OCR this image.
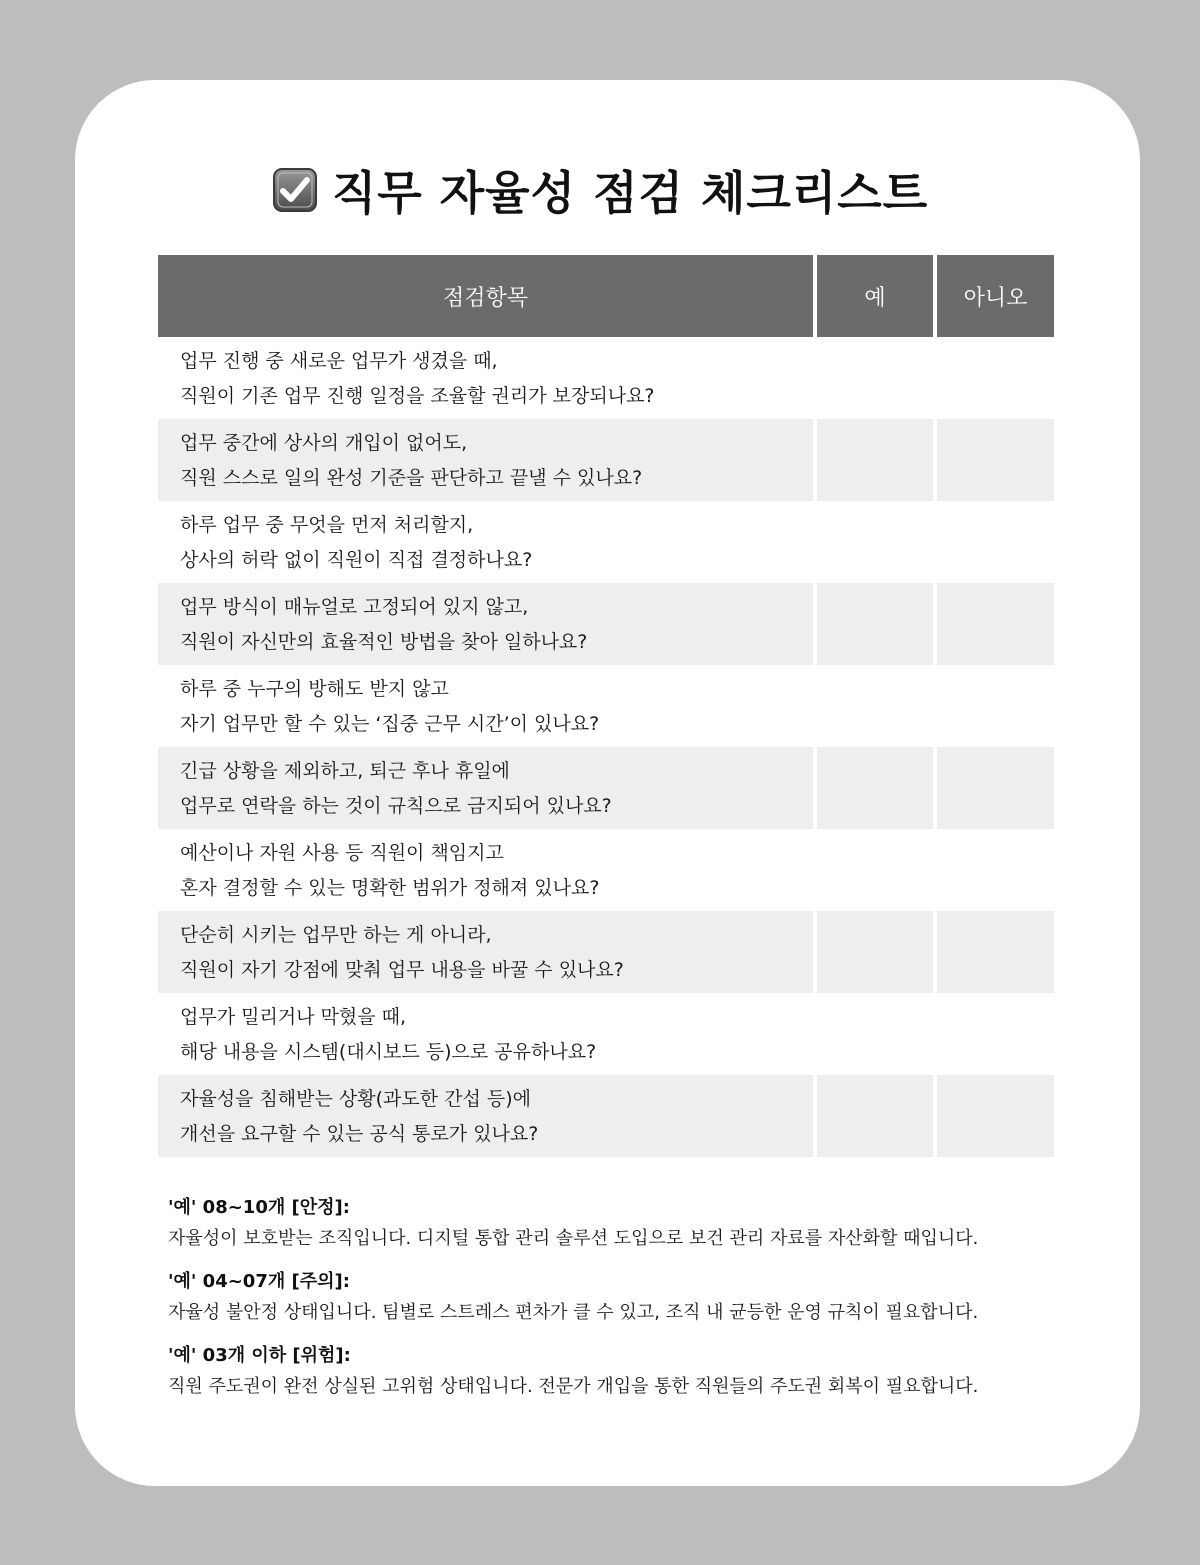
직무 자율성 점검 체크리스트
점검항목	예	아니오
업무 진행 중 새로운 업무가 생겼을 때,
직원이 기존 업무 진행 일정을 조율할 권리가 보장되나요?
업무 중간에 상사의 개입이 없어도,
직원 스스로 일의 완성 기준을 판단하고 끝낼 수 있나요?
하루 업무 중 무엇을 먼저 처리할지,
상사의 허락 없이 직원이 직접 결정하나요?
업무 방식이 매뉴얼로 고정되어 있지 않고,
직원이 자신만의 효율적인 방법을 찾아 일하나요?
하루 중 누구의 방해도 받지 않고
자기 업무만 할 수 있는 ‘집중 근무 시간’이 있나요?
긴급 상황을 제외하고, 퇴근 후나 휴일에
업무로 연락을 하는 것이 규칙으로 금지되어 있나요?
예산이나 자원 사용 등 직원이 책임지고
혼자 결정할 수 있는 명확한 범위가 정해져 있나요?
단순히 시키는 업무만 하는 게 아니라,
직원이 자기 강점에 맞춰 업무 내용을 바꿀 수 있나요?
업무가 밀리거나 막혔을 때,
해당 내용을 시스템(대시보드 등)으로 공유하나요?
자율성을 침해받는 상황(과도한 간섭 등)에
개선을 요구할 수 있는 공식 통로가 있나요?
'예' 08~10개 [안정]:
자율성이 보호받는 조직입니다. 디지털 통합 관리 솔루션 도입으로 보건 관리 자료를 자산화할 때입니다.
'예' 04~07개 [주의]:
자율성 불안정 상태입니다. 팀별로 스트레스 편차가 클 수 있고, 조직 내 균등한 운영 규칙이 필요합니다.
'예' 03개 이하 [위험]:
직원 주도권이 완전 상실된 고위험 상태입니다. 전문가 개입을 통한 직원들의 주도권 회복이 필요합니다.
